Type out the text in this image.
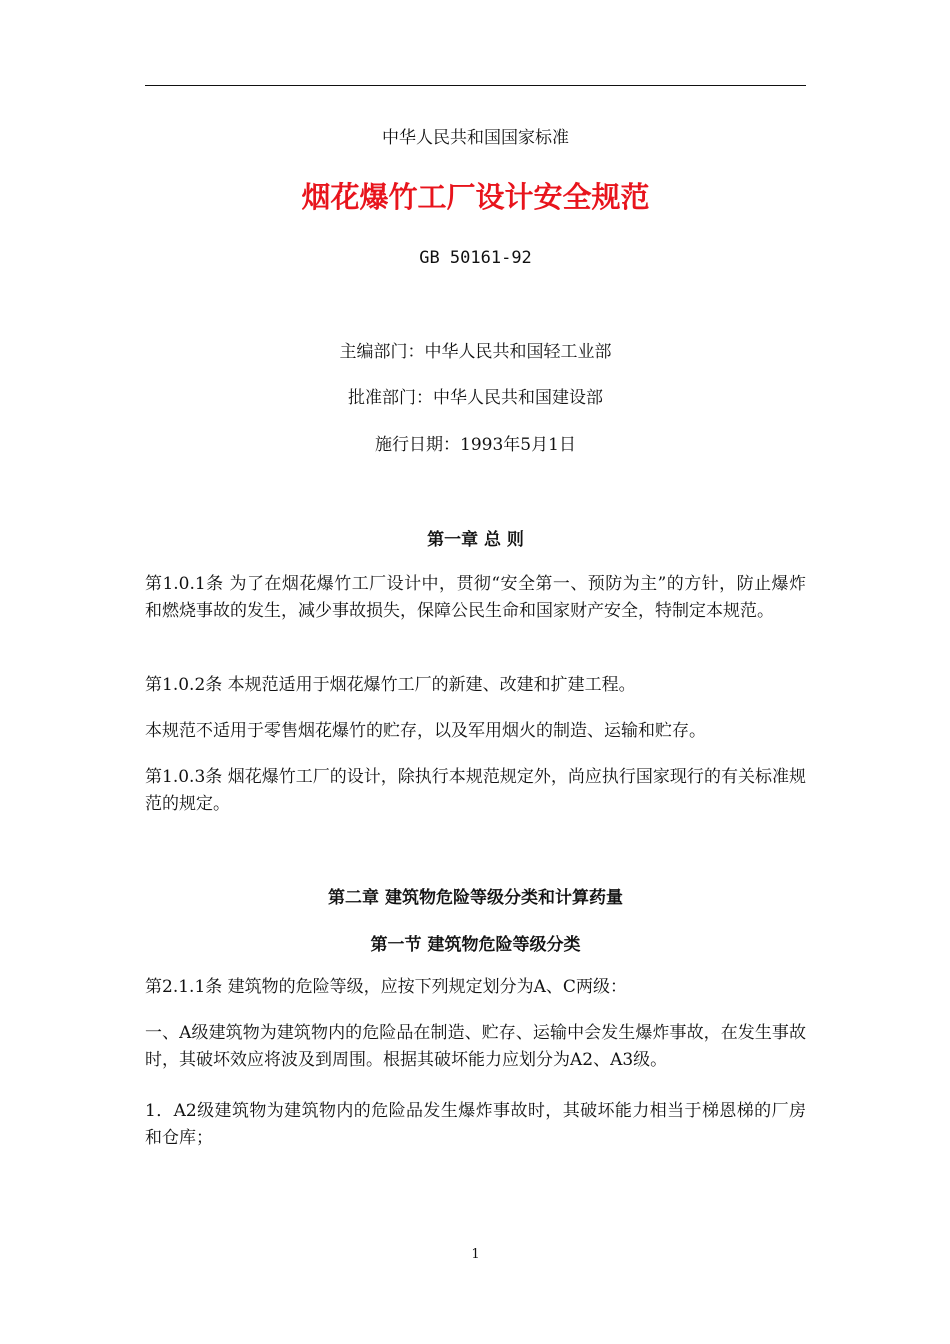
中华人民共和国国家标准
烟花爆竹工厂设计安全规范
GB 50161-92
主编部门：中华人民共和国轻工业部
批准部门：中华人民共和国建设部
施行日期：1993年5月1日
第一章 总 则
第1.0.1条 为了在烟花爆竹工厂设计中，贯彻“安全第一、预防为主”的方针，防止爆炸和燃烧事故的发生，减少事故损失，保障公民生命和国家财产安全，特制定本规范。
第1.0.2条 本规范适用于烟花爆竹工厂的新建、改建和扩建工程。
本规范不适用于零售烟花爆竹的贮存，以及军用烟火的制造、运输和贮存。
第1.0.3条 烟花爆竹工厂的设计，除执行本规范规定外，尚应执行国家现行的有关标准规范的规定。
第二章 建筑物危险等级分类和计算药量
第一节 建筑物危险等级分类
第2.1.1条 建筑物的危险等级，应按下列规定划分为A、C两级：
一、A级建筑物为建筑物内的危险品在制造、贮存、运输中会发生爆炸事故，在发生事故时，其破坏效应将波及到周围。根据其破坏能力应划分为A2、A3级。
1．A2级建筑物为建筑物内的危险品发生爆炸事故时，其破坏能力相当于梯恩梯的厂房和仓库；
1
